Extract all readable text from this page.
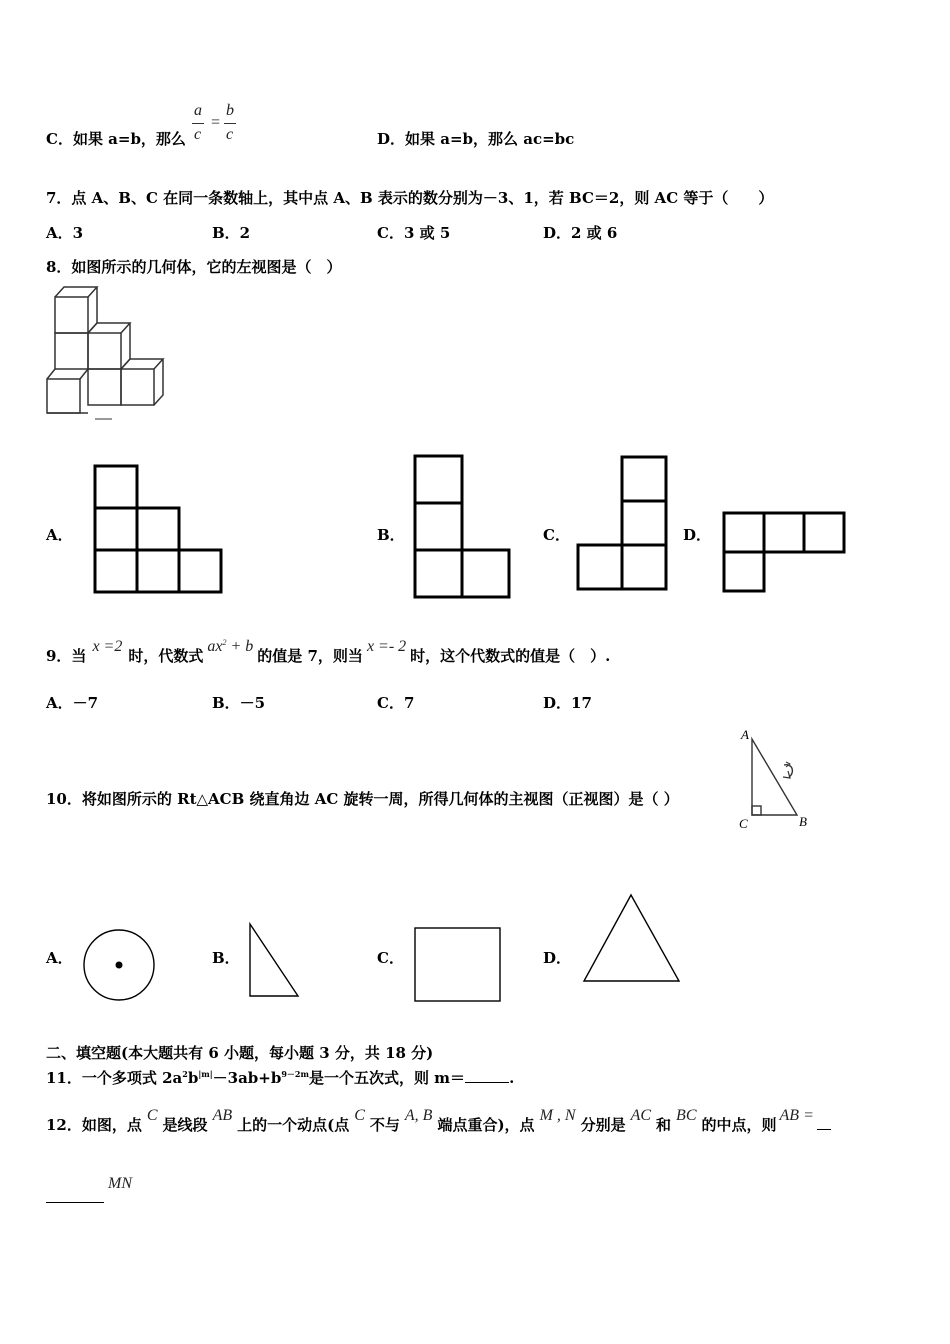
C．如果 a=b，那么
a
c
=
b
c	D．如果 a=b，那么 ac=bc
7．点 A、B、C 在同一条数轴上，其中点 A、B 表示的数分别为－3、1，若 BC＝2，则 AC 等于（　　）
A．3	B．2	C．3 或 5	D．2 或 6
8．如图所示的几何体，它的左视图是（　）
A．	B．	C．	D．
9．当x =2时，代数式$ax^2 + b$的值是 7，则当x =- 2时，这个代数式的值是（　）.
A．－7	B．－5	C．7	D．17
10．将如图所示的 Rt△ACB 绕直角边 AC 旋转一周，所得几何体的主视图（正视图）是（ ）
A
C	B
A．	B．	C．	D．
二、填空题(本大题共有 6 小题，每小题 3 分，共 18 分)
11．一个多项式 $2a^2b^{|m|}-3ab+b^{9-2m}$是一个五次式，则 m＝	.
12．如图，点C是线段AB上的一个动点(点C不与A, B端点重合)，点M , N分别是AC和BC的中点，则AB =
MN
